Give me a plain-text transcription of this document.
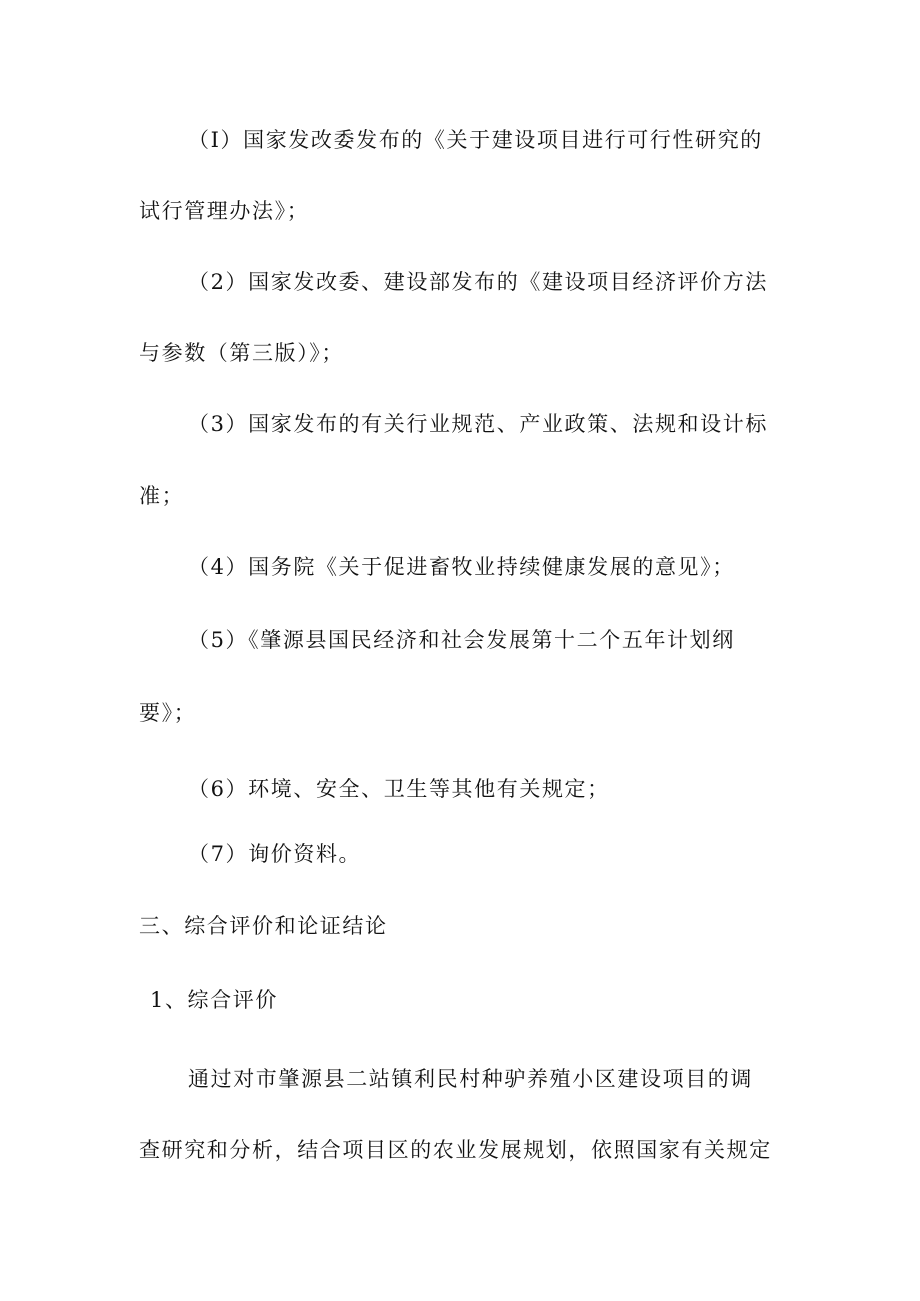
（I）国家发改委发布的《关于建设项目进行可行性研究的
试行管理办法》；
（2）国家发改委、建设部发布的《建设项目经济评价方法
与参数（第三版）》；
（3）国家发布的有关行业规范、产业政策、法规和设计标
准；
（4）国务院《关于促进畜牧业持续健康发展的意见》；
（5）《肇源县国民经济和社会发展第十二个五年计划纲
要》；
（6）环境、安全、卫生等其他有关规定；
（7）询价资料。
三、综合评价和论证结论
1、综合评价
通过对市肇源县二站镇利民村种驴养殖小区建设项目的调
查研究和分析，结合项目区的农业发展规划，依照国家有关规定
